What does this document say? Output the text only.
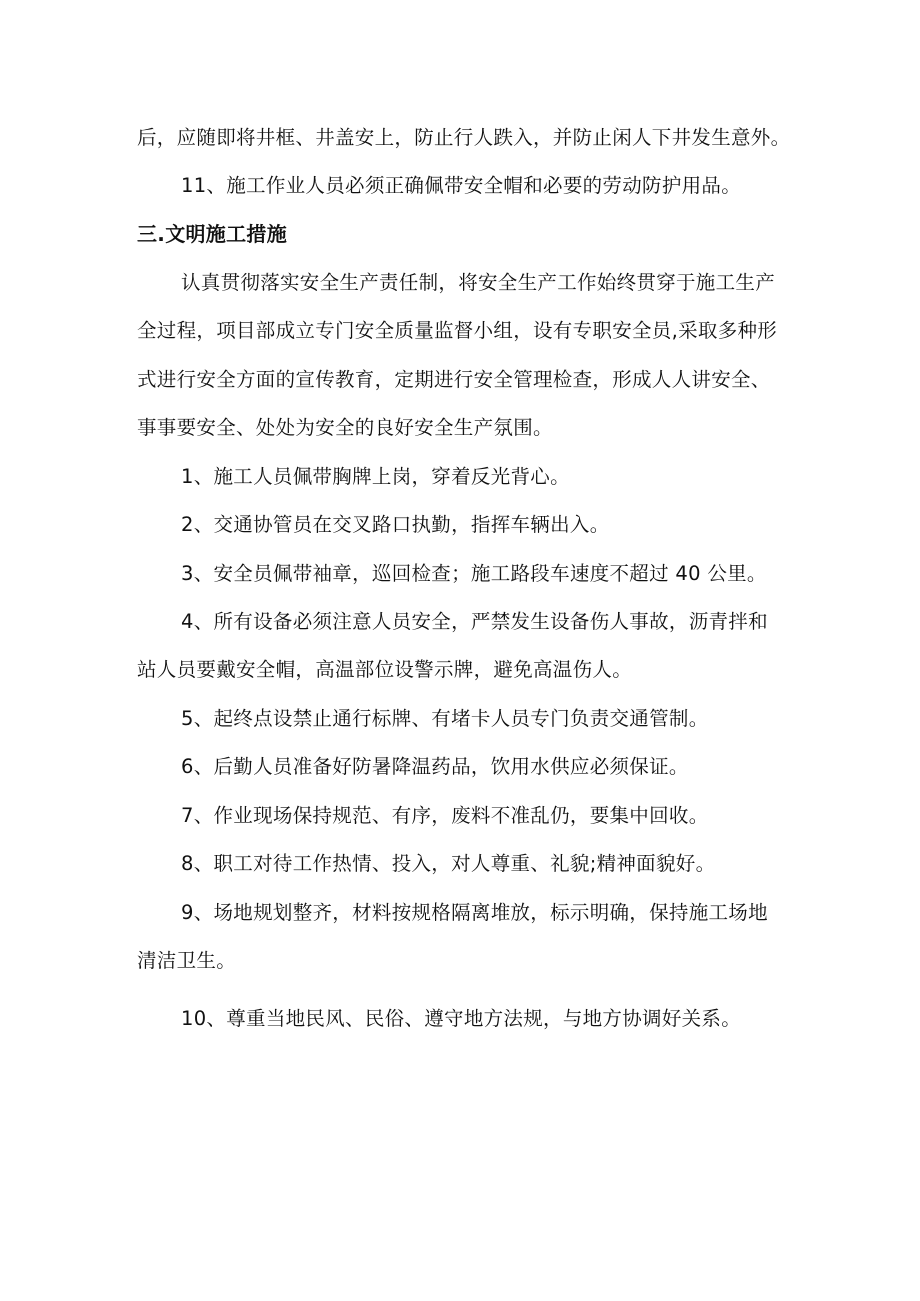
后，应随即将井框、井盖安上，防止行人跌入，并防止闲人下井发生意外。
11、施工作业人员必须正确佩带安全帽和必要的劳动防护用品。
三.文明施工措施
认真贯彻落实安全生产责任制，将安全生产工作始终贯穿于施工生产
全过程，项目部成立专门安全质量监督小组，设有专职安全员,采取多种形
式进行安全方面的宣传教育，定期进行安全管理检查，形成人人讲安全、
事事要安全、处处为安全的良好安全生产氛围。
1、施工人员佩带胸牌上岗，穿着反光背心。
2、交通协管员在交叉路口执勤，指挥车辆出入。
3、安全员佩带袖章，巡回检查；施工路段车速度不超过 40 公里。
4、所有设备必须注意人员安全，严禁发生设备伤人事故，沥青拌和
站人员要戴安全帽，高温部位设警示牌，避免高温伤人。
5、起终点设禁止通行标牌、有堵卡人员专门负责交通管制。
6、后勤人员准备好防暑降温药品，饮用水供应必须保证。
7、作业现场保持规范、有序，废料不准乱仍，要集中回收。
8、职工对待工作热情、投入，对人尊重、礼貌;精神面貌好。
9、场地规划整齐，材料按规格隔离堆放，标示明确，保持施工场地
清洁卫生。
10、尊重当地民风、民俗、遵守地方法规，与地方协调好关系。
